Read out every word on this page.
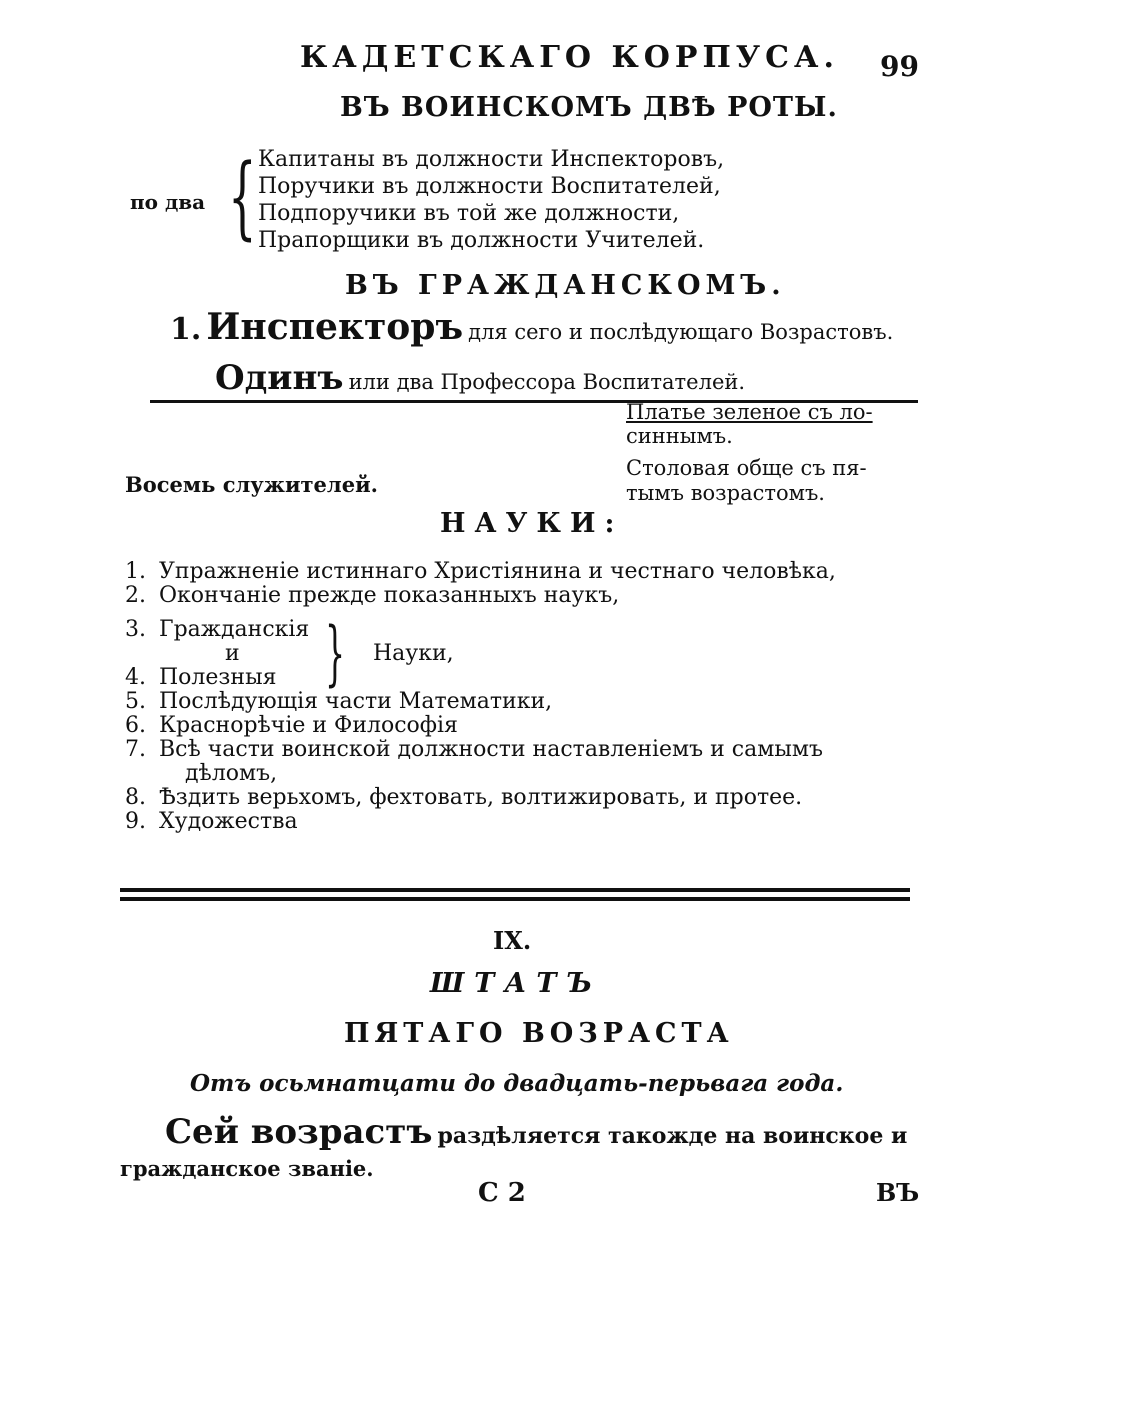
КАДЕТСКАГО КОРПУСА. 99
ВЪ ВОИНСКОМЪ ДВѢ РОТЫ.
по два { Капитаны въ должности Инспекторовъ,
Поручики въ должности Воспитателей,
Подпоручики въ той же должности,
Прапорщики въ должности Учителей.
ВЪ ГРАЖДАНСКОМЪ.
1. Инспекторъ для сего и послѣдующаго Возрастовъ.
Одинъ или два Профессора Воспитателей.
Платье зеленое съ ло-
синнымъ.
Восемь служителей.
Столовая обще съ пя-
тымъ возрастомъ.
НАУКИ:
1. Упражненіе истиннаго Христіянина и честнаго человѣка,
2. Окончаніе прежде показанныхъ наукъ,
3. Гражданскія
и
4. Полезныя } Науки,
5. Послѣдующія части Математики,
6. Краснорѣчіе и Философія
7. Всѣ части воинской должности наставленіемъ и самымъ
дѣломъ,
8. Ѣздить верьхомъ, фехтовать, волтижировать, и протее.
9. Художества
IX.
ШТАТЪ
ПЯТАГО ВОЗРАСТА
Отъ осьмнатцати до двадцать-перьвага года.
Сей возрастъ раздѣляется такожде на воинское и
гражданское званіе.
С 2	ВЪ
